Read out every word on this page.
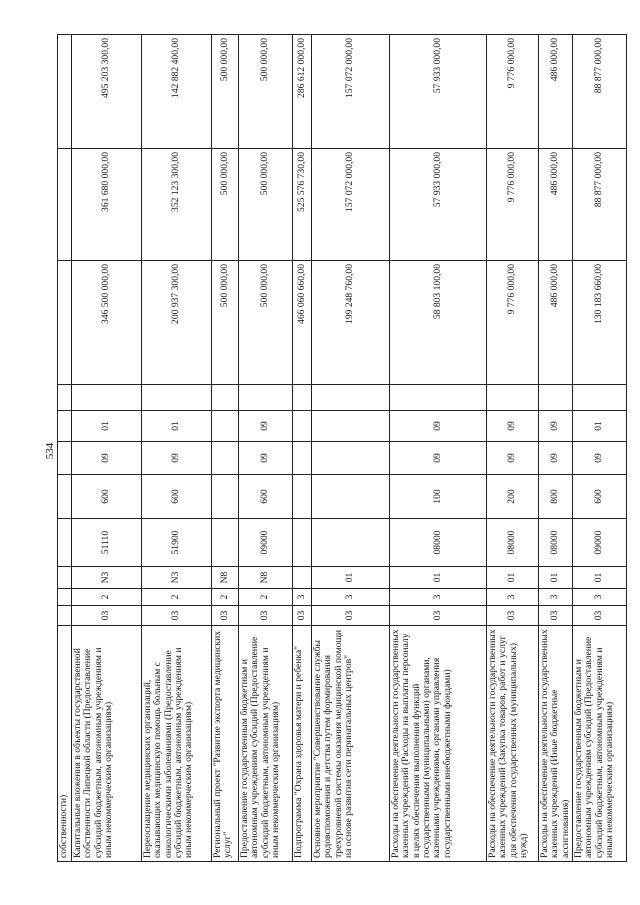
534
собственности)											
Капитальные вложения в объекты государственной собственности Липецкой области (Предоставление субсидий бюджетным, автономным учреждениям и иным некоммерческим организациям)	03	2	N3	51110	600	09	01		346 500 000,00	361 680 000,00	495 203 300,00
Переоснащение медицинских организаций, оказывающих медицинскую помощь больным с онкологическими заболеваниями (Предоставление субсидий бюджетным, автономным учреждениям и иным некоммерческим организациям)	03	2	N3	51900	600	09	01		200 937 300,00	352 123 300,00	142 882 400,00
Региональный проект "Развитие экспорта медицинских услуг"	03	2	N8						500 000,00	500 000,00	500 000,00
Предоставление государственным бюджетным и автономным учреждениям субсидий (Предоставление субсидий бюджетным, автономным учреждениям и иным некоммерческим организациям)	03	2	N8	09000	600	09	09		500 000,00	500 000,00	500 000,00
Подпрограмма "Охрана здоровья матери и ребенка"	03	3							466 060 660,00	525 576 730,00	286 612 000,00
Основное мероприятие "Совершенствование службы родовспоможения и детства путем формирования трехуровневой системы оказания медицинской помощи на основе развития сети перинатальных центров"	03	3	01						199 248 760,00	157 072 000,00	157 072 000,00
Расходы на обеспечение деятельности государственных казенных учреждений (Расходы на выплаты персоналу в целях обеспечения выполнения функций государственными (муниципальными) органами, казенными учреждениями, органами управления государственными внебюджетными фондами)	03	3	01	08000	100	09	09		58 803 100,00	57 933 000,00	57 933 000,00
Расходы на обеспечение деятельности государственных казенных учреждений (Закупка товаров, работ и услуг для обеспечения государственных (муниципальных) нужд)	03	3	01	08000	200	09	09		9 776 000,00	9 776 000,00	9 776 000,00
Расходы на обеспечение деятельности государственных казенных учреждений (Иные бюджетные ассигнования)	03	3	01	08000	800	09	09		486 000,00	486 000,00	486 000,00
Предоставление государственным бюджетным и автономным учреждениям субсидий (Предоставление субсидий бюджетным, автономным учреждениям и иным некоммерческим организациям)	03	3	01	09000	600	09	01		130 183 660,00	88 877 000,00	88 877 000,00
